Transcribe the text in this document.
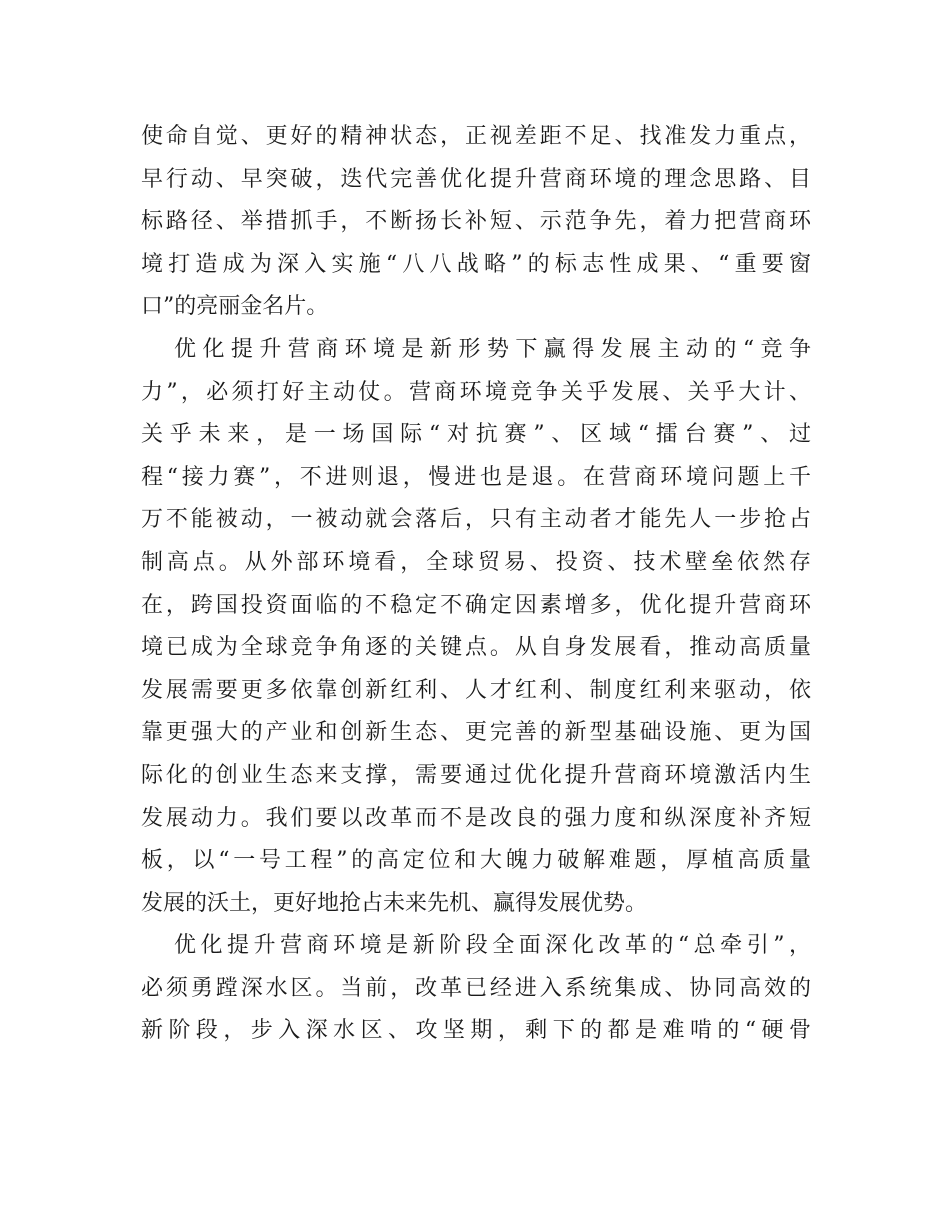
使命自觉、更好的精神状态，正视差距不足、找准发力重点，
早行动、早突破，迭代完善优化提升营商环境的理念思路、目
标路径、举措抓手，不断扬长补短、示范争先，着力把营商环
境打造成为深入实施“八八战略”的标志性成果、“重要窗
口”的亮丽金名片。
优化提升营商环境是新形势下赢得发展主动的“竞争
力”，必须打好主动仗。营商环境竞争关乎发展、关乎大计、
关乎未来，是一场国际“对抗赛”、区域“擂台赛”、过
程“接力赛”，不进则退，慢进也是退。在营商环境问题上千
万不能被动，一被动就会落后，只有主动者才能先人一步抢占
制高点。从外部环境看，全球贸易、投资、技术壁垒依然存
在，跨国投资面临的不稳定不确定因素增多，优化提升营商环
境已成为全球竞争角逐的关键点。从自身发展看，推动高质量
发展需要更多依靠创新红利、人才红利、制度红利来驱动，依
靠更强大的产业和创新生态、更完善的新型基础设施、更为国
际化的创业生态来支撑，需要通过优化提升营商环境激活内生
发展动力。我们要以改革而不是改良的强力度和纵深度补齐短
板，以“一号工程”的高定位和大魄力破解难题，厚植高质量
发展的沃土，更好地抢占未来先机、赢得发展优势。
优化提升营商环境是新阶段全面深化改革的“总牵引”，
必须勇蹚深水区。当前，改革已经进入系统集成、协同高效的
新阶段，步入深水区、攻坚期，剩下的都是难啃的“硬骨
